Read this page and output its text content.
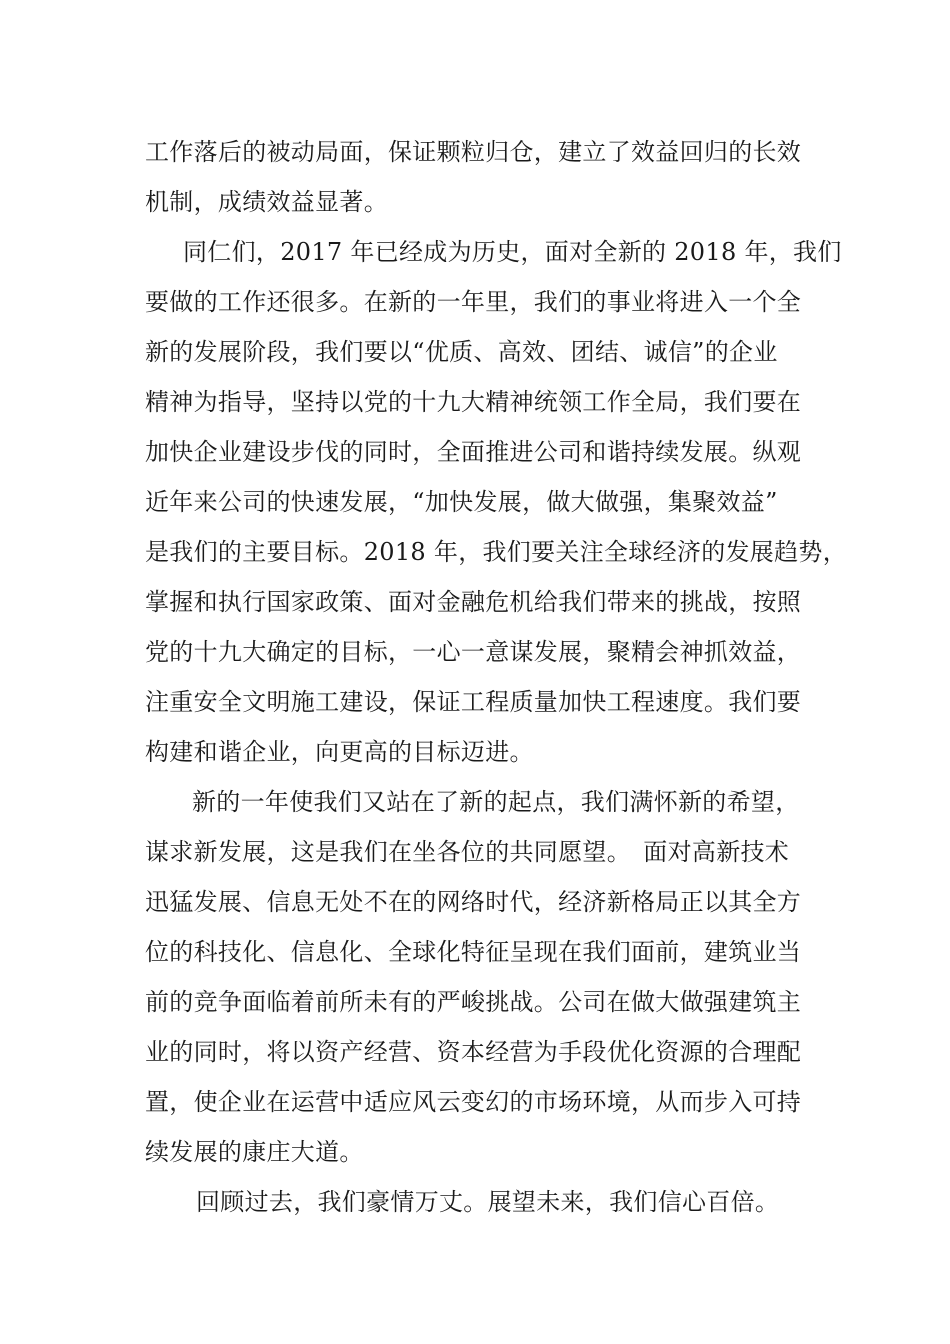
工作落后的被动局面，保证颗粒归仓，建立了效益回归的长效
机制，成绩效益显著。
同仁们，2017 年已经成为历史，面对全新的 2018 年，我们
要做的工作还很多。在新的一年里，我们的事业将进入一个全
新的发展阶段，我们要以“优质、高效、团结、诚信”的企业
精神为指导，坚持以党的十九大精神统领工作全局，我们要在
加快企业建设步伐的同时，全面推进公司和谐持续发展。纵观
近年来公司的快速发展，“加快发展，做大做强，集聚效益”
是我们的主要目标。2018 年，我们要关注全球经济的发展趋势，
掌握和执行国家政策、面对金融危机给我们带来的挑战，按照
党的十九大确定的目标，一心一意谋发展，聚精会神抓效益，
注重安全文明施工建设，保证工程质量加快工程速度。我们要
构建和谐企业，向更高的目标迈进。
新的一年使我们又站在了新的起点，我们满怀新的希望，
谋求新发展，这是我们在坐各位的共同愿望。　面对高新技术
迅猛发展、信息无处不在的网络时代，经济新格局正以其全方
位的科技化、信息化、全球化特征呈现在我们面前，建筑业当
前的竞争面临着前所未有的严峻挑战。公司在做大做强建筑主
业的同时，将以资产经营、资本经营为手段优化资源的合理配
置，使企业在运营中适应风云变幻的市场环境，从而步入可持
续发展的康庄大道。
回顾过去，我们豪情万丈。展望未来，我们信心百倍。
